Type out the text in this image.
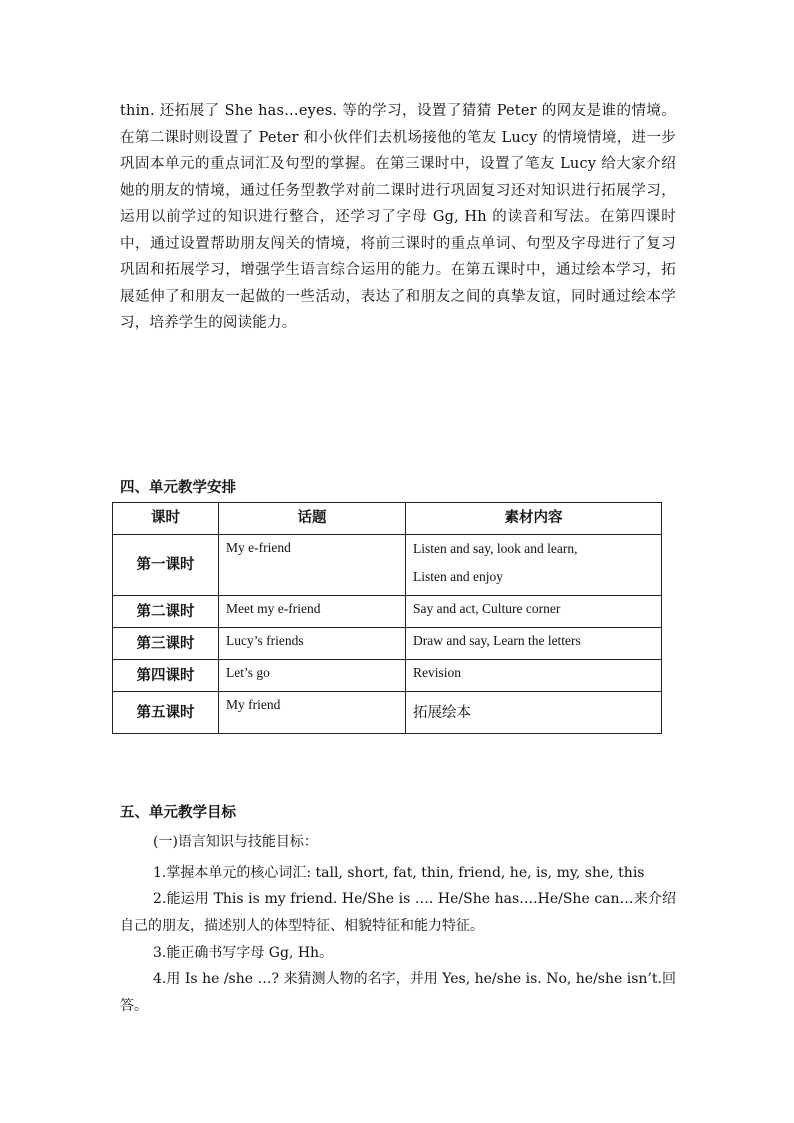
thin. 还拓展了 She has…eyes. 等的学习，设置了猜猜 Peter 的网友是谁的情境。在第二课时则设置了 Peter 和小伙伴们去机场接他的笔友 Lucy 的情境情境，进一步巩固本单元的重点词汇及句型的掌握。在第三课时中，设置了笔友 Lucy 给大家介绍她的朋友的情境，通过任务型教学对前二课时进行巩固复习还对知识进行拓展学习，运用以前学过的知识进行整合，还学习了字母 Gg, Hh 的读音和写法。在第四课时中，通过设置帮助朋友闯关的情境，将前三课时的重点单词、句型及字母进行了复习巩固和拓展学习，增强学生语言综合运用的能力。在第五课时中，通过绘本学习，拓展延伸了和朋友一起做的一些活动，表达了和朋友之间的真挚友谊，同时通过绘本学习，培养学生的阅读能力。
四、单元教学安排
课时	话题	素材内容
第一课时	My e-friend	Listen and say, look and learn,
Listen and enjoy

第二课时	Meet my e-friend	Say and act, Culture corner
第三课时	Lucy’s friends	Draw and say, Learn the letters
第四课时	Let’s go	Revision
第五课时	My friend	拓展绘本
五、单元教学目标
(一)语言知识与技能目标：
1.掌握本单元的核心词汇: tall, short, fat, thin, friend, he, is, my, she, this
2.能运用 This is my friend. He/She is …. He/She has….He/She can…来介绍自己的朋友，描述别人的体型特征、相貌特征和能力特征。
3.能正确书写字母 Gg, Hh。
4.用 Is he /she …? 来猜测人物的名字，并用 Yes, he/she is. No, he/she isn’t.回答。
